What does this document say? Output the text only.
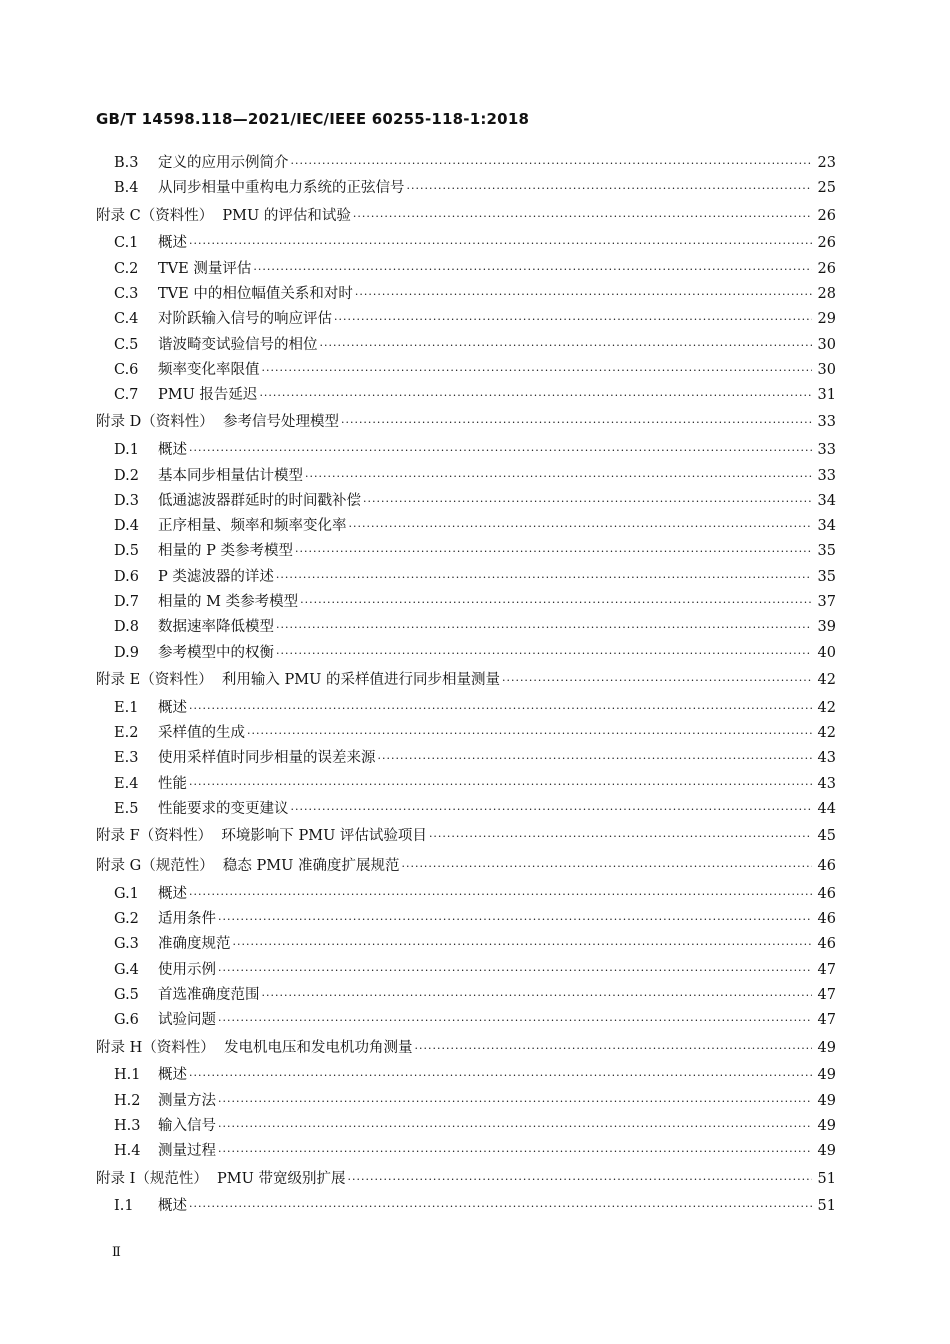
GB/T 14598.118—2021/IEC/IEEE 60255-118-1:2018
B.3	定义的应用示例简介 ·····	23
B.4	从同步相量中重构电力系统的正弦信号 ·····	25
附录 C（资料性）  PMU 的评估和试验 ·····	26
C.1	概述 ·····	26
C.2	TVE 测量评估 ·····	26
C.3	TVE 中的相位幅值关系和对时 ·····	28
C.4	对阶跃输入信号的响应评估 ·····	29
C.5	谐波畸变试验信号的相位 ·····	30
C.6	频率变化率限值 ·····	30
C.7	PMU 报告延迟 ·····	31
附录 D（资料性）  参考信号处理模型 ·····	33
D.1	概述 ·····	33
D.2	基本同步相量估计模型 ·····	33
D.3	低通滤波器群延时的时间戳补偿 ·····	34
D.4	正序相量、频率和频率变化率 ·····	34
D.5	相量的 P 类参考模型 ·····	35
D.6	P 类滤波器的详述 ·····	35
D.7	相量的 M 类参考模型 ·····	37
D.8	数据速率降低模型 ·····	39
D.9	参考模型中的权衡 ·····	40
附录 E（资料性）  利用输入 PMU 的采样值进行同步相量测量 ·····	42
E.1	概述 ·····	42
E.2	采样值的生成 ·····	42
E.3	使用采样值时同步相量的误差来源 ·····	43
E.4	性能 ·····	43
E.5	性能要求的变更建议 ·····	44
附录 F（资料性）  环境影响下 PMU 评估试验项目 ·····	45
附录 G（规范性）  稳态 PMU 准确度扩展规范 ·····	46
G.1	概述 ·····	46
G.2	适用条件 ·····	46
G.3	准确度规范 ·····	46
G.4	使用示例 ·····	47
G.5	首选准确度范围 ·····	47
G.6	试验问题 ·····	47
附录 H（资料性）  发电机电压和发电机功角测量 ·····	49
H.1	概述 ·····	49
H.2	测量方法 ·····	49
H.3	输入信号 ·····	49
H.4	测量过程 ·····	49
附录 I（规范性）  PMU 带宽级别扩展 ·····	51
I.1	概述 ·····	51
Ⅱ
